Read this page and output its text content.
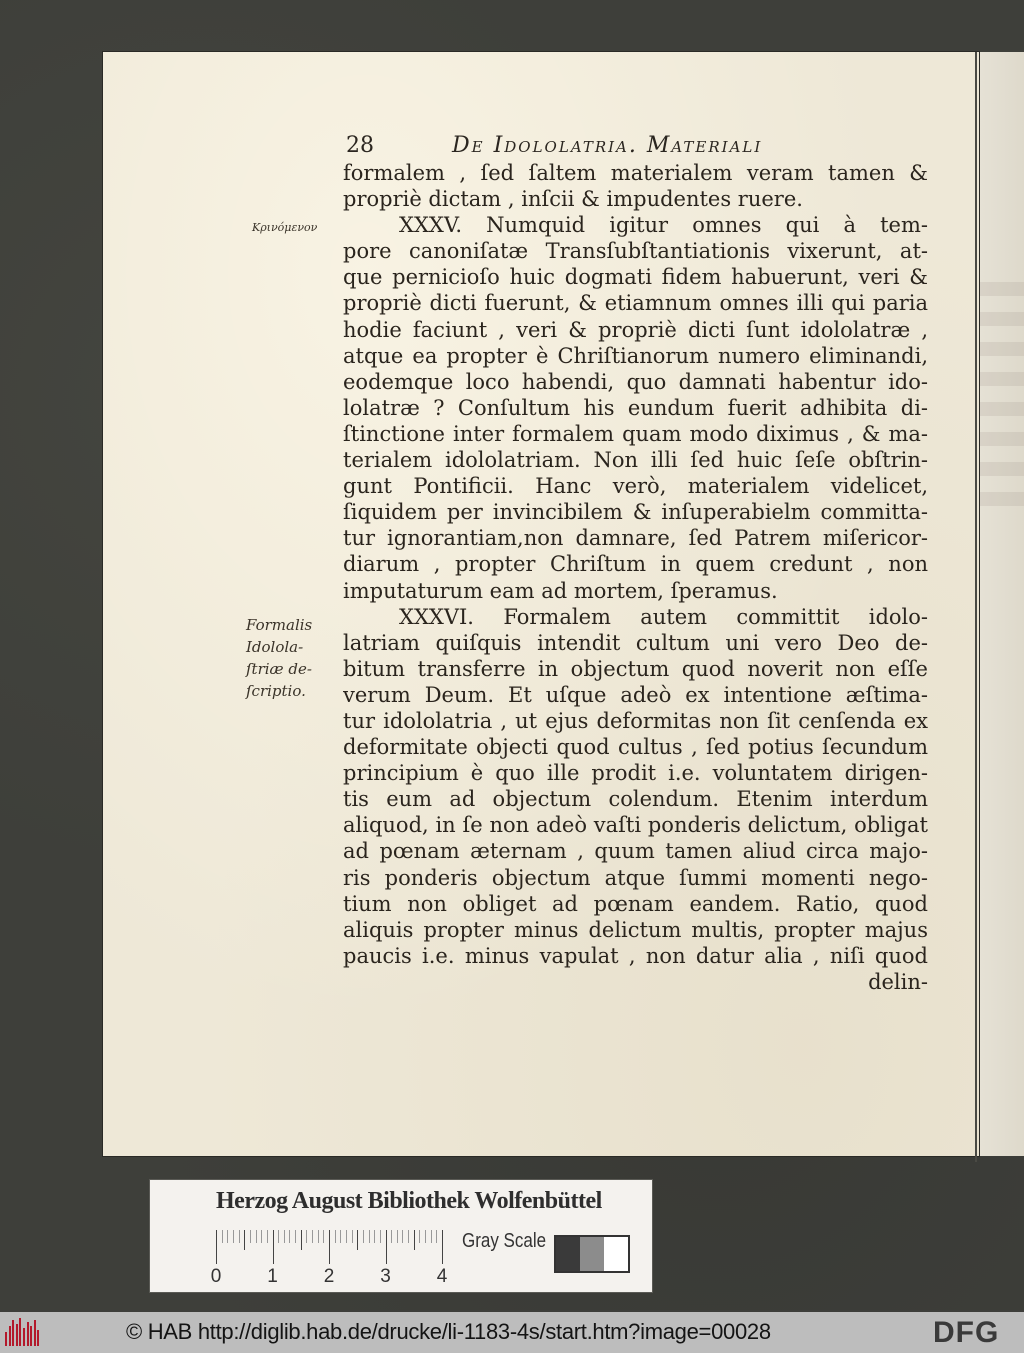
28	De Idololatria. Materiali
Κρινόμενον
Formalis
Idolola-
ſtriæ de-
ſcriptio.
formalem , ſed ſaltem materialem veram tamen &
propriè dictam , inſcii & impudentes ruere.
XXXV. Numquid igitur omnes qui à tem-
pore canoniſatæ Transſubſtantiationis vixerunt, at-
que pernicioſo huic dogmati fidem habuerunt, veri &
propriè dicti fuerunt, & etiamnum omnes illi qui paria
hodie faciunt , veri & propriè dicti ſunt idololatræ ,
atque ea propter è Chriſtianorum numero eliminandi,
eodemque loco habendi, quo damnati habentur ido-
lolatræ ? Conſultum his eundum fuerit adhibita di-
ſtinctione inter formalem quam modo diximus , & ma-
terialem idololatriam. Non illi ſed huic ſeſe obſtrin-
gunt Pontificii. Hanc verò, materialem videlicet,
ſiquidem per invincibilem & inſuperabielm committa-
tur ignorantiam,non damnare, ſed Patrem miſericor-
diarum , propter Chriſtum in quem credunt , non
imputaturum eam ad mortem, ſperamus.
XXXVI. Formalem autem committit idolo-
latriam quiſquis intendit cultum uni vero Deo de-
bitum transferre in objectum quod noverit non eſſe
verum Deum. Et uſque adeò ex intentione æſtima-
tur idololatria , ut ejus deformitas non ſit cenſenda ex
deformitate objecti quod cultus , ſed potius ſecundum
principium è quo ille prodit i.e. voluntatem dirigen-
tis eum ad objectum colendum. Etenim interdum
aliquod, in ſe non adeò vaſti ponderis delictum, obligat
ad pœnam æternam , quum tamen aliud circa majo-
ris ponderis objectum atque ſummi momenti nego-
tium non obliget ad pœnam eandem. Ratio, quod
aliquis propter minus delictum multis, propter majus
paucis i.e. minus vapulat , non datur alia , niſi quod
delin-
Herzog August Bibliothek Wolfenbüttel
0 1 2 3 4
Gray Scale
© HAB http://diglib.hab.de/drucke/li-1183-4s/start.htm?image=00028	DFG
